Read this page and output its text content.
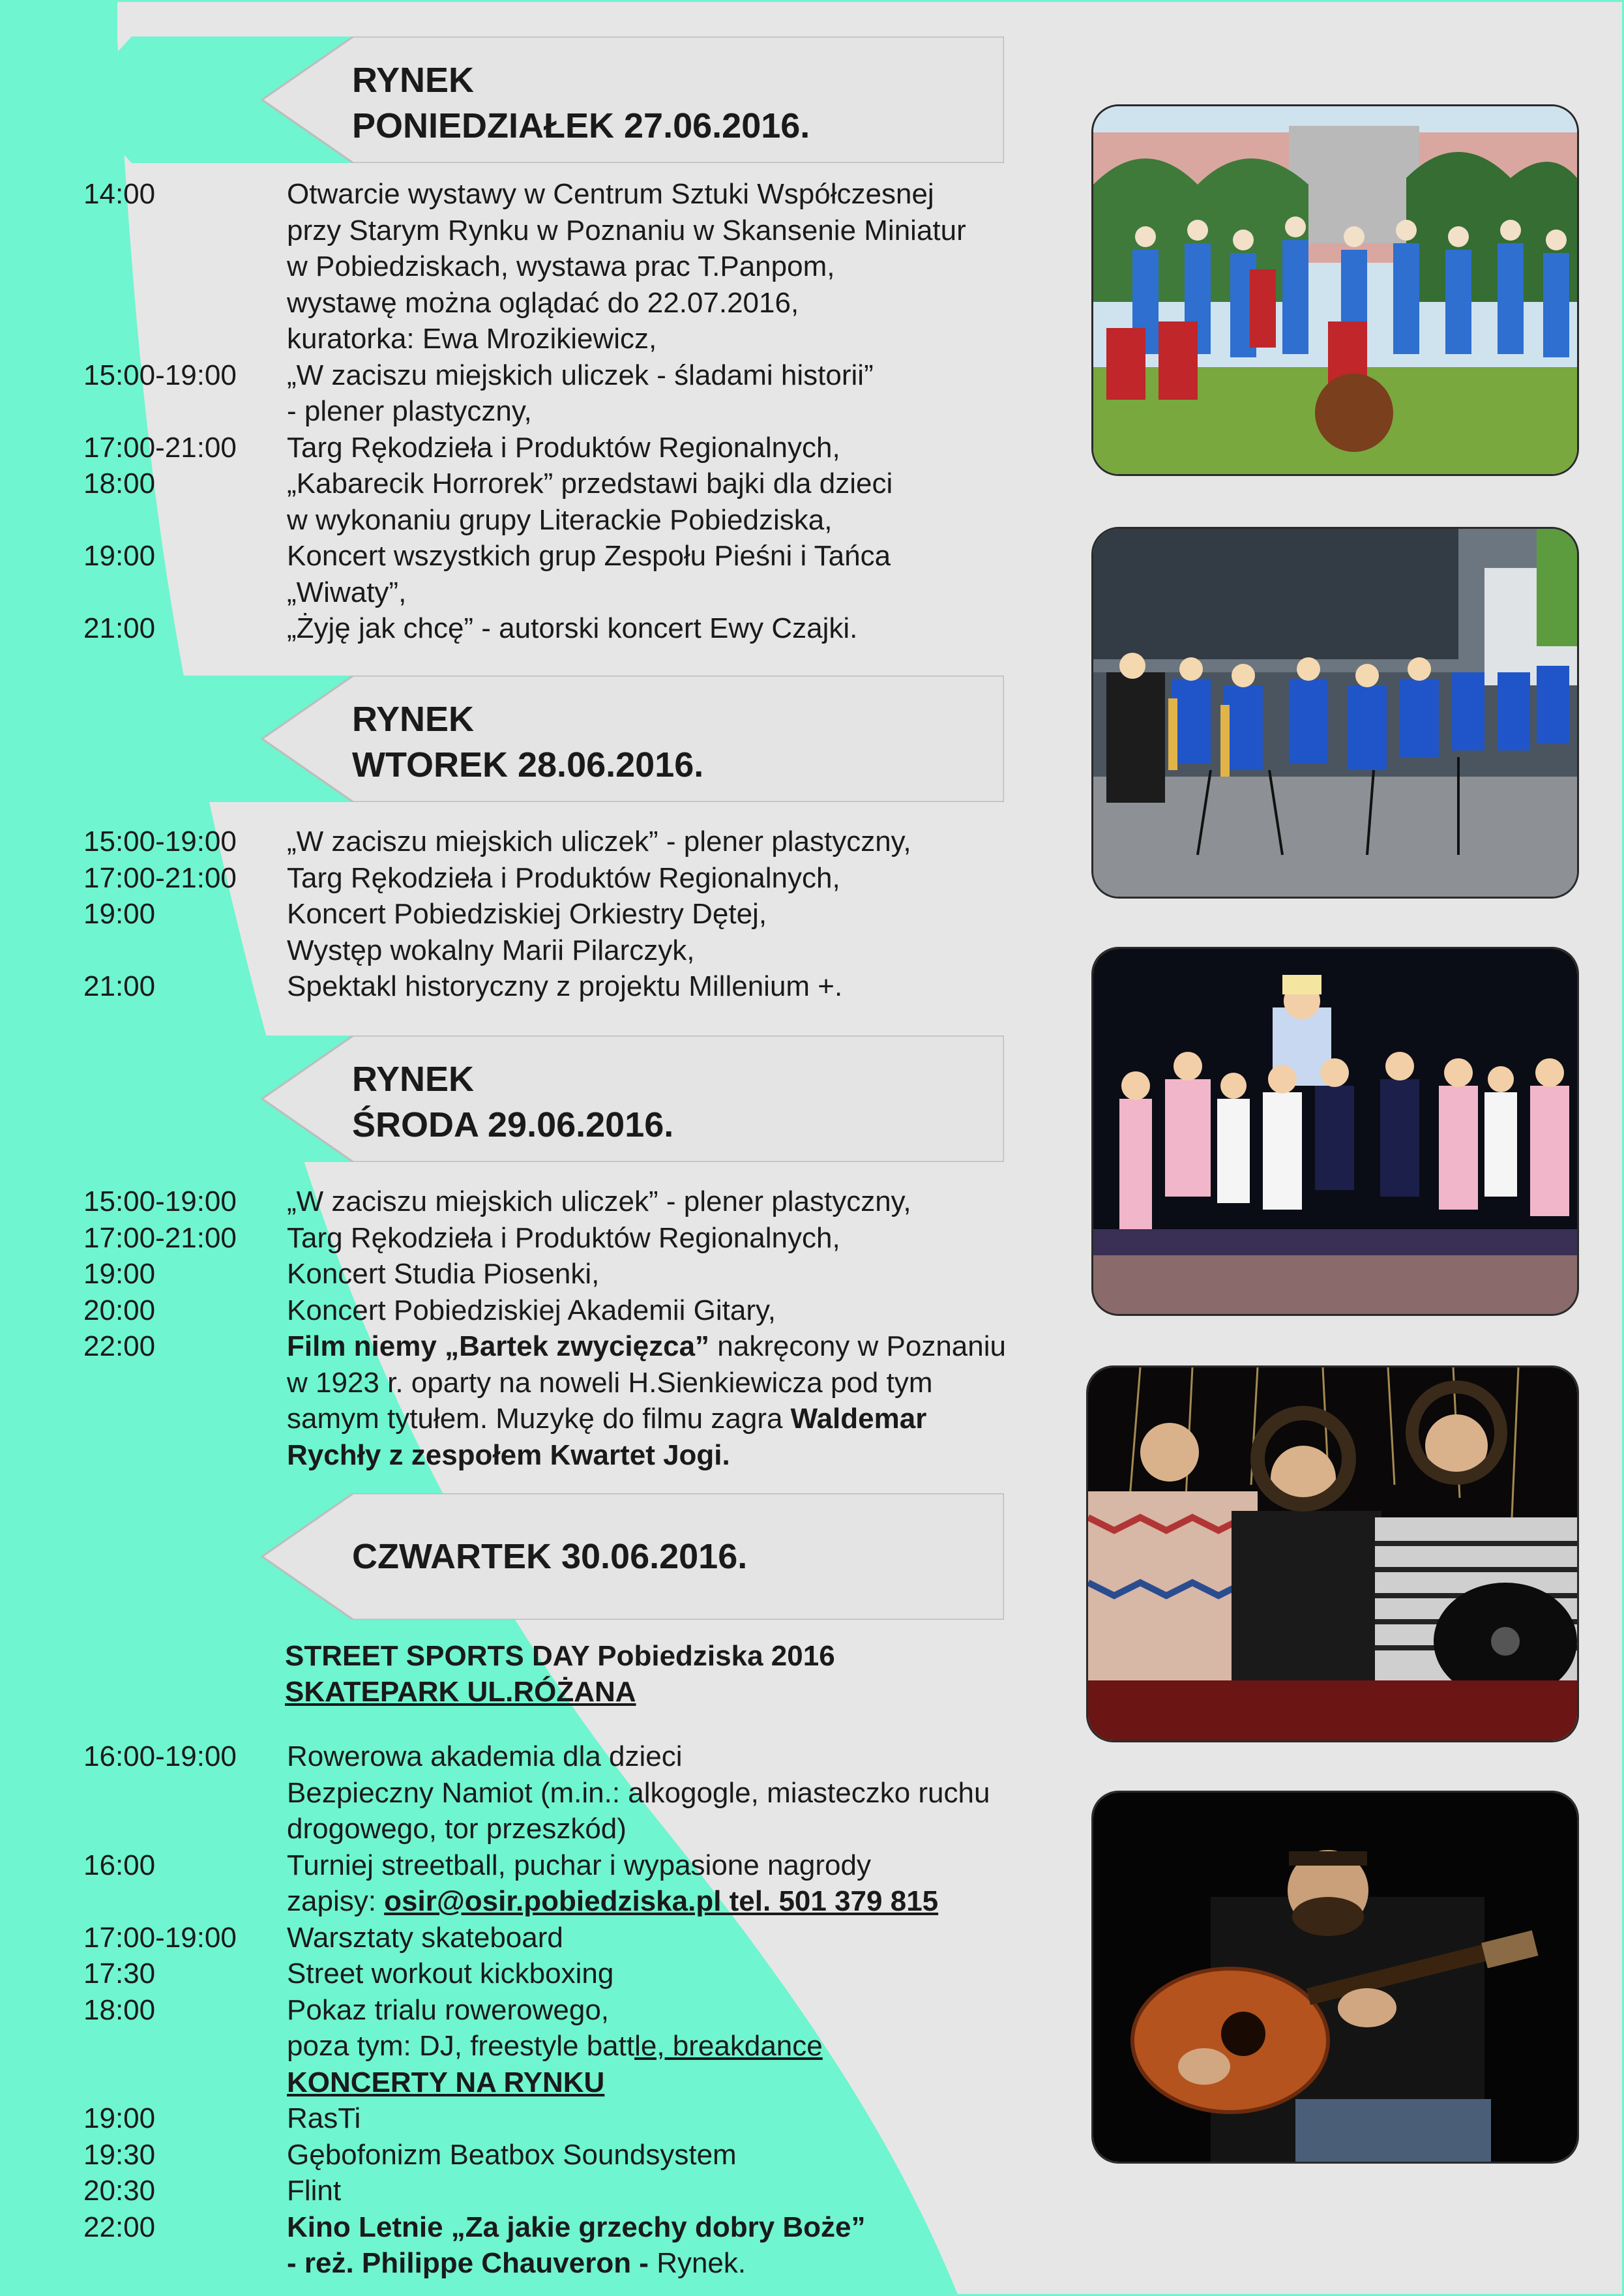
RYNEK
PONIEDZIAŁEK 27.06.2016.
14:00	Otwarcie wystawy w Centrum Sztuki Współczesnej
przy Starym Rynku w Poznaniu w Skansenie Miniatur
w Pobiedziskach, wystawa prac T.Panpom,
wystawę można oglądać do 22.07.2016,
kuratorka: Ewa Mrozikiewicz,
15:00-19:00	„W zaciszu miejskich uliczek - śladami historii”
- plener plastyczny,
17:00-21:00	Targ Rękodzieła i Produktów Regionalnych,
18:00	„Kabarecik Horrorek” przedstawi bajki dla dzieci
w wykonaniu grupy Literackie Pobiedziska,
19:00	Koncert wszystkich grup Zespołu Pieśni i Tańca
„Wiwaty”,
21:00	„Żyję jak chcę” - autorski koncert Ewy Czajki.
RYNEK
WTOREK 28.06.2016.
15:00-19:00	„W zaciszu miejskich uliczek” - plener plastyczny,
17:00-21:00	Targ Rękodzieła i Produktów Regionalnych,
19:00	Koncert Pobiedziskiej Orkiestry Dętej,
Występ wokalny Marii Pilarczyk,
21:00	Spektakl historyczny z projektu Millenium +.
RYNEK
ŚRODA 29.06.2016.
15:00-19:00	„W zaciszu miejskich uliczek” - plener plastyczny,
17:00-21:00	Targ Rękodzieła i Produktów Regionalnych,
19:00	Koncert Studia Piosenki,
20:00	Koncert Pobiedziskiej Akademii Gitary,
22:00	Film niemy „Bartek zwycięzca” nakręcony w Poznaniu
w 1923 r. oparty na noweli H.Sienkiewicza pod tym
samym tytułem. Muzykę do filmu zagra Waldemar
Rychły z zespołem Kwartet Jogi.
CZWARTEK 30.06.2016.
STREET SPORTS DAY Pobiedziska 2016
SKATEPARK UL.RÓŻANA
16:00-19:00	Rowerowa akademia dla dzieci
Bezpieczny Namiot (m.in.: alkogogle, miasteczko ruchu
drogowego, tor przeszkód)
16:00	Turniej streetball, puchar i wypasione nagrody
zapisy: osir@osir.pobiedziska.pl tel. 501 379 815
17:00-19:00	Warsztaty skateboard
17:30	Street workout kickboxing
18:00	Pokaz trialu rowerowego,
poza tym: DJ, freestyle battle, breakdance
KONCERTY NA RYNKU
19:00	RasTi
19:30	Gębofonizm Beatbox Soundsystem
20:30	Flint
22:00	Kino Letnie „Za jakie grzechy dobry Boże”
- reż. Philippe Chauveron - Rynek.
